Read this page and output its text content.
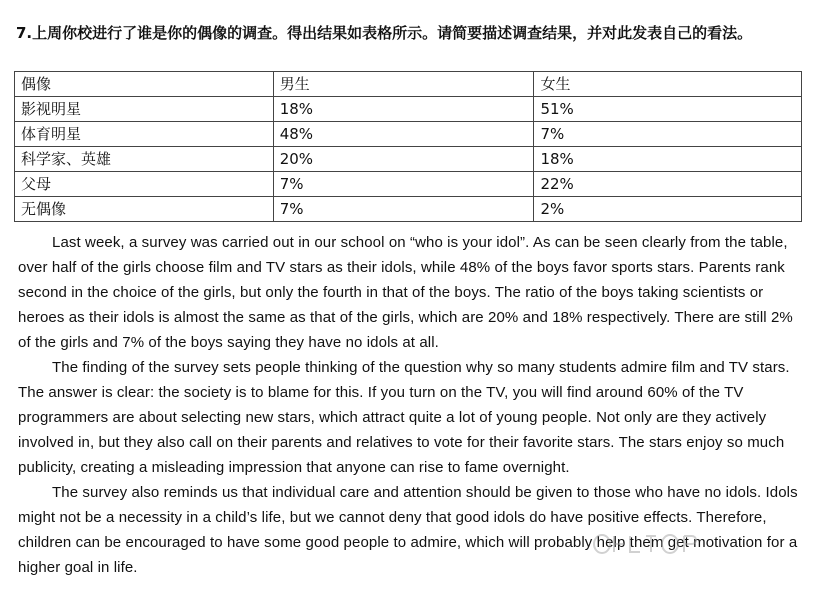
7.上周你校进行了谁是你的偶像的调查。得出结果如表格所示。请简要描述调查结果，并对此发表自己的看法。

偶像	男生	女生
影视明星	18%	51%
体育明星	48%	7%
科学家、英雄	20%	18%
父母	7%	22%
无偶像	7%	2%

Last week, a survey was carried out in our school on “who is your idol”. As can be seen clearly from the table, over half of the girls choose film and TV stars as their idols, while 48% of the boys favor sports stars. Parents rank second in the choice of the girls, but only the fourth in that of the boys. The ratio of the boys taking scientists or heroes as their idols is almost the same as that of the girls, which are 20% and 18% respectively. There are still 2% of the girls and 7% of the boys saying they have no idols at all.

The finding of the survey sets people thinking of the question why so many students admire film and TV stars. The answer is clear: the society is to blame for this. If you turn on the TV, you will find around 60% of the TV programmers are about selecting new stars, which attract quite a lot of young people. Not only are they actively involved in, but they also call on their parents and relatives to vote for their favorite stars. The stars enjoy so much publicity, creating a misleading impression that anyone can rise to fame overnight.

The survey also reminds us that individual care and attention should be given to those who have no idols. Idols might not be a necessity in a child’s life, but we cannot deny that good idols do have positive effects. Therefore, children can be encouraged to have some good people to admire, which will probably help them get motivation for a higher goal in life.
